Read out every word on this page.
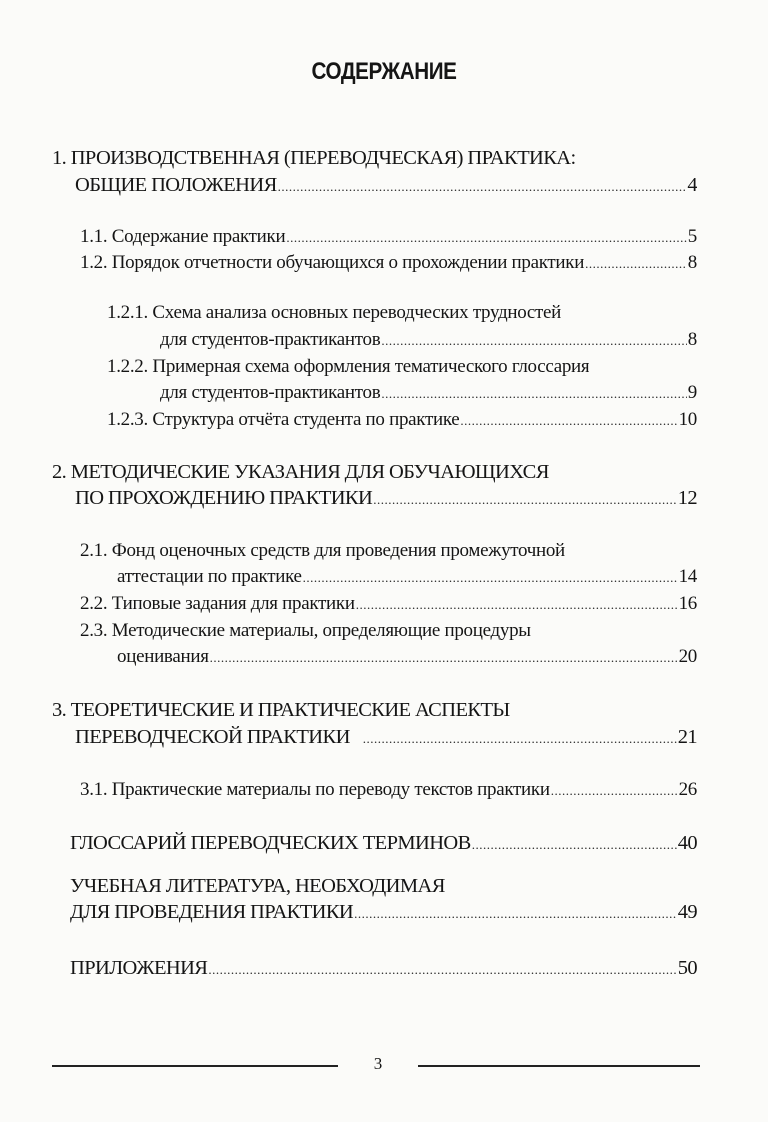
СОДЕРЖАНИЕ
1. ПРОИЗВОДСТВЕННАЯ (ПЕРЕВОДЧЕСКАЯ) ПРАКТИКА:
ОБЩИЕ ПОЛОЖЕНИЯ .....	4
1.1. Содержание практики .....	5
1.2. Порядок отчетности обучающихся о прохождении практики .....	8
1.2.1. Схема анализа основных переводческих трудностей
для студентов-практикантов .....	8
1.2.2. Примерная схема оформления тематического глоссария
для студентов-практикантов .....	9
1.2.3. Структура отчёта студента по практике .....	10
2. МЕТОДИЧЕСКИЕ УКАЗАНИЯ ДЛЯ ОБУЧАЮЩИХСЯ
ПО ПРОХОЖДЕНИЮ ПРАКТИКИ .....	12
2.1. Фонд оценочных средств для проведения промежуточной
аттестации по практике .....	14
2.2. Типовые задания для практики .....	16
2.3. Методические материалы, определяющие процедуры
оценивания .....	20
3. ТЕОРЕТИЧЕСКИЕ И ПРАКТИЧЕСКИЕ АСПЕКТЫ
ПЕРЕВОДЧЕСКОЙ ПРАКТИКИ .....	21
3.1. Практические материалы по переводу текстов практики .....	26
ГЛОССАРИЙ ПЕРЕВОДЧЕСКИХ ТЕРМИНОВ .....	40
УЧЕБНАЯ ЛИТЕРАТУРА, НЕОБХОДИМАЯ
ДЛЯ ПРОВЕДЕНИЯ ПРАКТИКИ .....	49
ПРИЛОЖЕНИЯ .....	50
3
